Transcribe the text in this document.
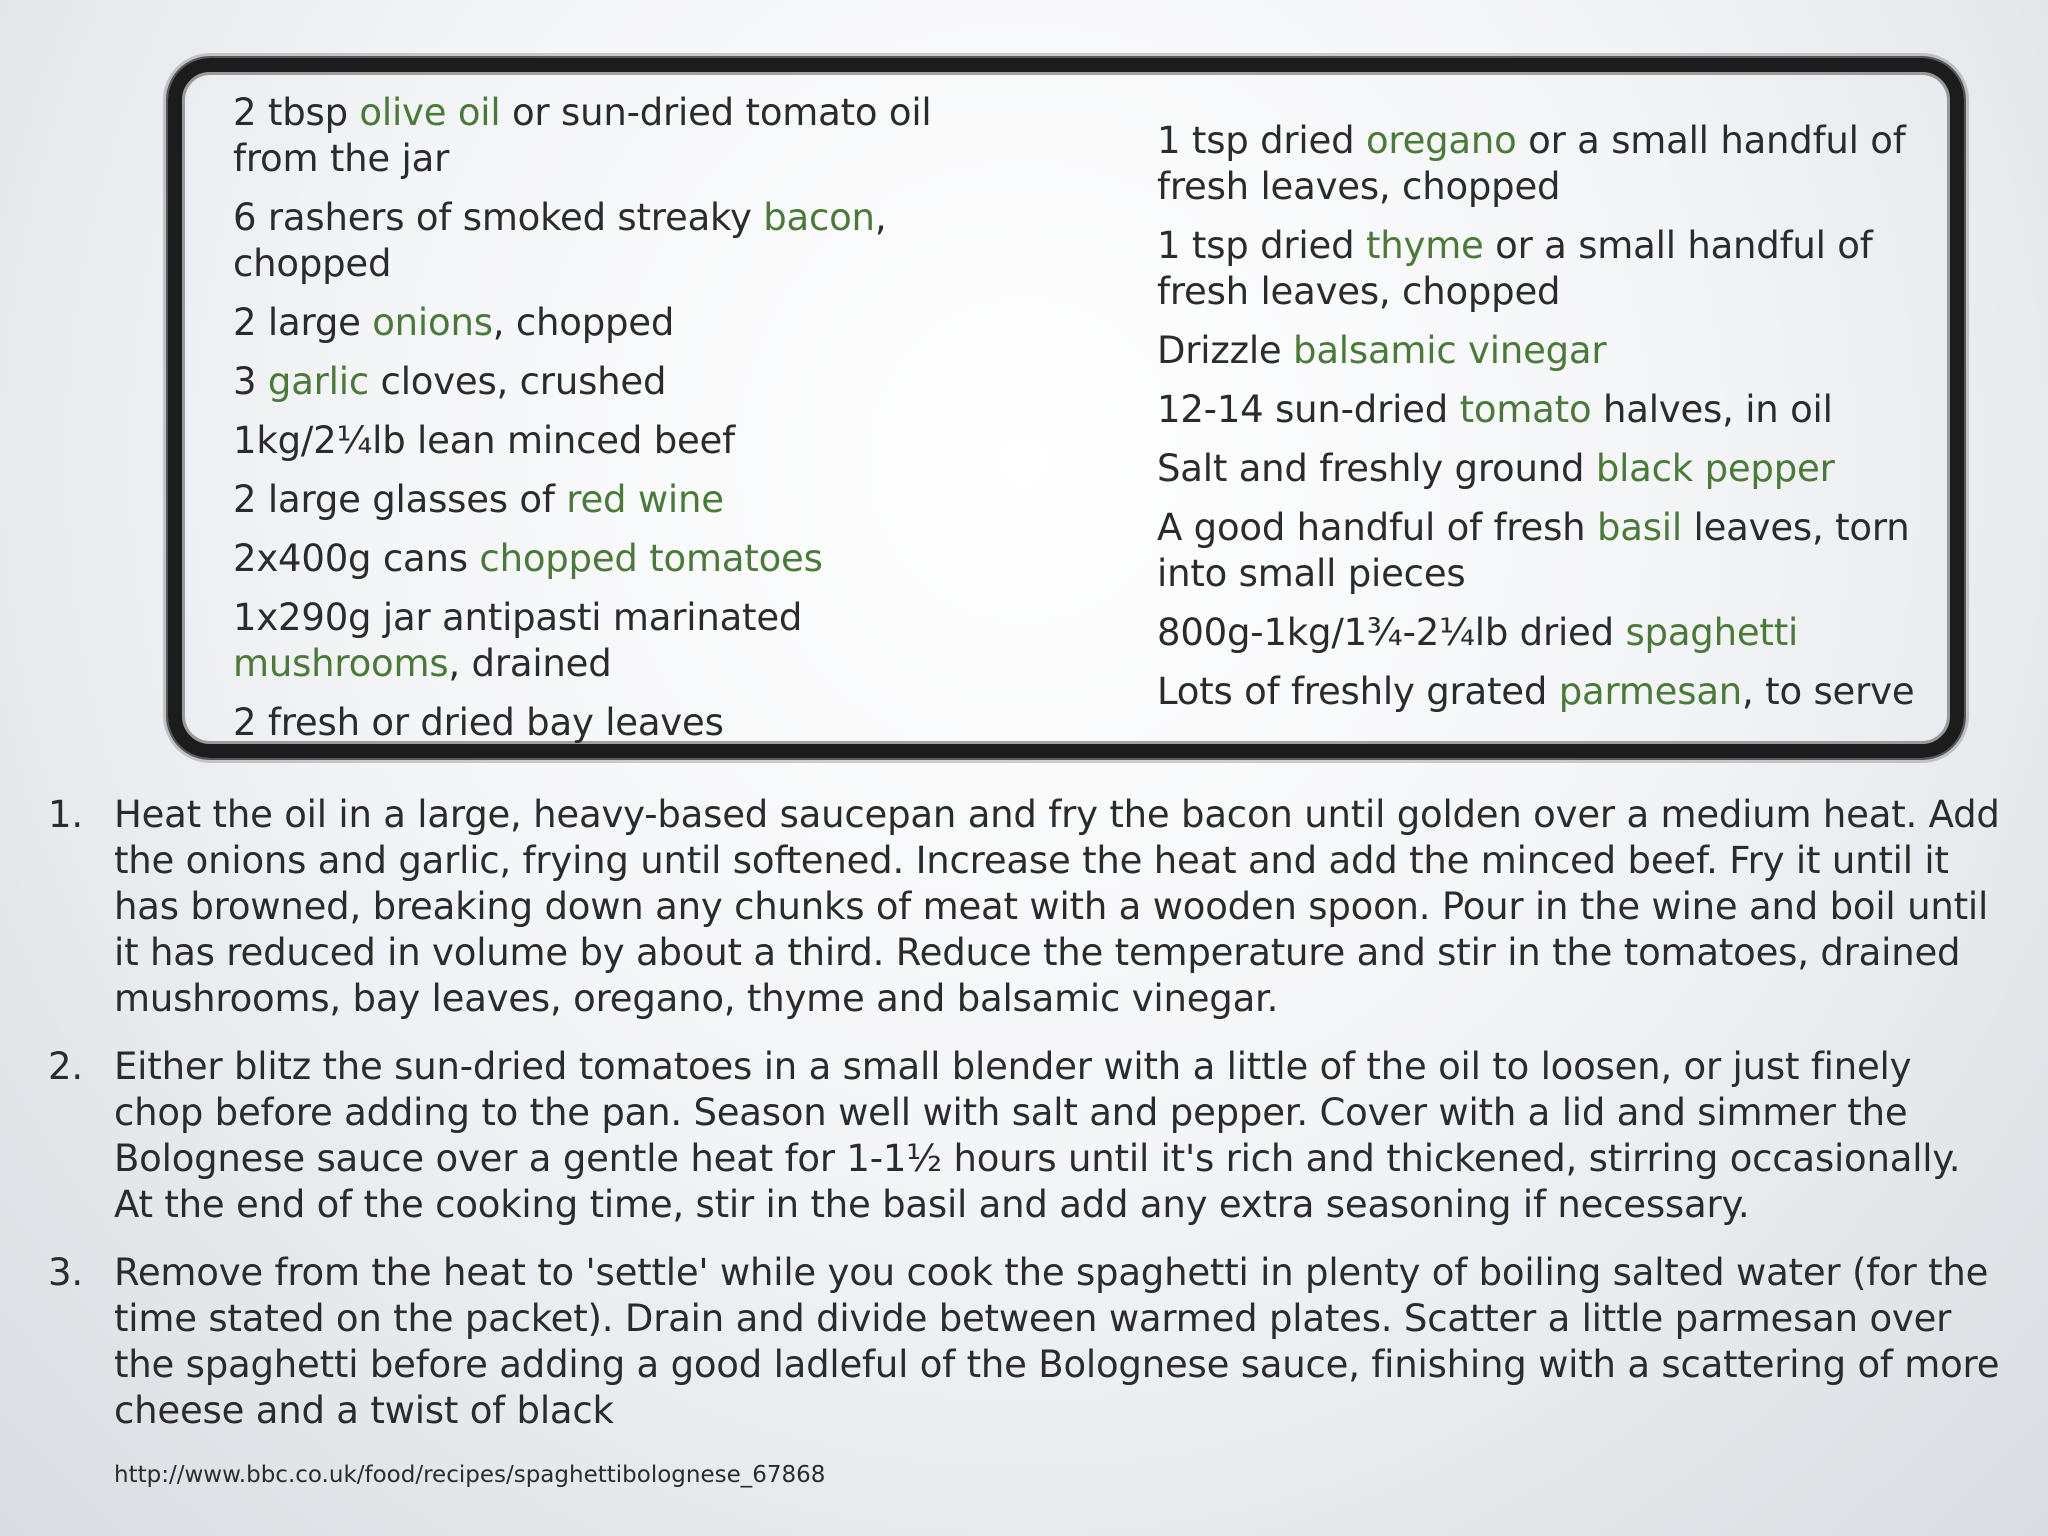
2 tbsp olive oil or sun-dried tomato oil from the jar
6 rashers of smoked streaky bacon, chopped
2 large onions, chopped
3 garlic cloves, crushed
1kg/2¼lb lean minced beef
2 large glasses of red wine
2x400g cans chopped tomatoes
1x290g jar antipasti marinated mushrooms, drained
2 fresh or dried bay leaves
1 tsp dried oregano or a small handful of fresh leaves, chopped
1 tsp dried thyme or a small handful of fresh leaves, chopped
Drizzle balsamic vinegar
12-14 sun-dried tomato halves, in oil
Salt and freshly ground black pepper
A good handful of fresh basil leaves, torn into small pieces
800g-1kg/1¾-2¼lb dried spaghetti
Lots of freshly grated parmesan, to serve
1. Heat the oil in a large, heavy-based saucepan and fry the bacon until golden over a medium heat. Add the onions and garlic, frying until softened. Increase the heat and add the minced beef. Fry it until it has browned, breaking down any chunks of meat with a wooden spoon. Pour in the wine and boil until it has reduced in volume by about a third. Reduce the temperature and stir in the tomatoes, drained mushrooms, bay leaves, oregano, thyme and balsamic vinegar.
2. Either blitz the sun-dried tomatoes in a small blender with a little of the oil to loosen, or just finely chop before adding to the pan. Season well with salt and pepper. Cover with a lid and simmer the Bolognese sauce over a gentle heat for 1-1½ hours until it's rich and thickened, stirring occasionally. At the end of the cooking time, stir in the basil and add any extra seasoning if necessary.
3. Remove from the heat to 'settle' while you cook the spaghetti in plenty of boiling salted water (for the time stated on the packet). Drain and divide between warmed plates. Scatter a little parmesan over the spaghetti before adding a good ladleful of the Bolognese sauce, finishing with a scattering of more cheese and a twist of black
http://www.bbc.co.uk/food/recipes/spaghettibolognese_67868
